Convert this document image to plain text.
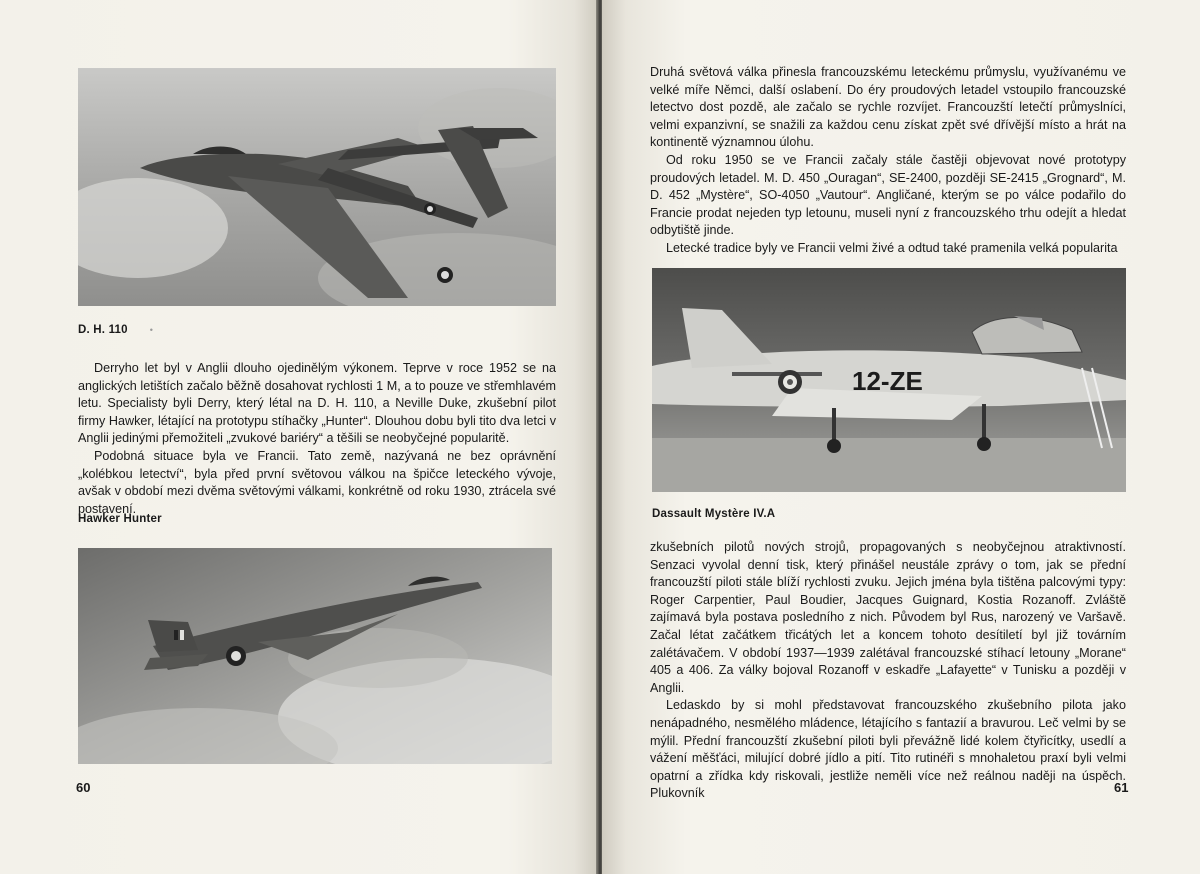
D. H. 110 •

Derryho let byl v Anglii dlouho ojedinělým výkonem. Teprve v roce 1952 se na anglických letištích začalo běžně dosahovat rychlosti 1 M, a to pouze ve střemhlavém letu. Specialisty byli Derry, který létal na D. H. 110, a Neville Duke, zkušební pilot firmy Hawker, létající na prototypu stíhačky „Hunter“. Dlouhou dobu byli tito dva letci v Anglii jedinými přemožiteli „zvukové bariéry“ a těšili se neobyčejné popularitě.

Podobná situace byla ve Francii. Tato země, nazývaná ne bez oprávnění „kolébkou letectví“, byla před první světovou válkou na špičce leteckého vývoje, avšak v období mezi dvěma světovými válkami, konkrétně od roku 1930, ztrácela své postavení.

Hawker Hunter
60

Druhá světová válka přinesla francouzskému leteckému průmyslu, využívanému ve velké míře Němci, další oslabení. Do éry proudových letadel vstoupilo francouzské letectvo dost pozdě, ale začalo se rychle rozvíjet. Francouzští letečtí průmyslníci, velmi expanzivní, se snažili za každou cenu získat zpět své dřívější místo a hrát na kontinentě významnou úlohu.

Od roku 1950 se ve Francii začaly stále častěji objevovat nové prototypy proudových letadel. M. D. 450 „Ouragan“, SE-2400, později SE-2415 „Grognard“, M. D. 452 „Mystère“, SO-4050 „Vautour“. Angličané, kterým se po válce podařilo do Francie prodat nejeden typ letounu, museli nyní z francouzského trhu odejít a hledat odbytiště jinde.

Letecké tradice byly ve Francii velmi živé a odtud také pramenila velká popularita

12-ZE
Dassault Mystère IV.A

zkušebních pilotů nových strojů, propagovaných s neobyčejnou atraktivností. Senzaci vyvolal denní tisk, který přinášel neustále zprávy o tom, jak se přední francouzští piloti stále blíží rychlosti zvuku. Jejich jména byla tištěna palcovými typy: Roger Carpentier, Paul Boudier, Jacques Guignard, Kostia Rozanoff. Zvláště zajímavá byla postava posledního z nich. Původem byl Rus, narozený ve Varšavě. Začal létat začátkem třicátých let a koncem tohoto desítiletí byl již továrním zalétávačem. V období 1937—1939 zalétával francouzské stíhací letouny „Morane“ 405 a 406. Za války bojoval Rozanoff v eskadře „Lafayette“ v Tunisku a později v Anglii.

Ledaskdo by si mohl představovat francouzského zkušebního pilota jako nenápadného, nesmělého mládence, létajícího s fantazií a bravurou. Leč velmi by se mýlil. Přední francouzští zkušební piloti byli převážně lidé kolem čtyřicítky, usedlí a vážení měšťáci, milující dobré jídlo a pití. Tito rutinéři s mnohaletou praxí byli velmi opatrní a zřídka kdy riskovali, jestliže neměli více než reálnou naději na úspěch. Plukovník	61
